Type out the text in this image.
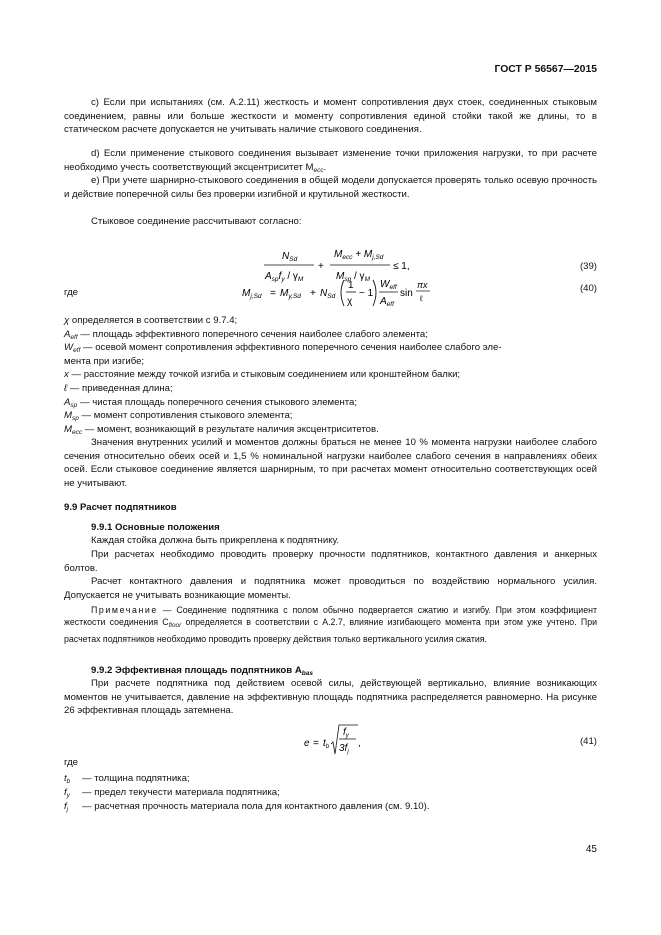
ГОСТ Р 56567—2015

c) Если при испытаниях (см. А.2.11) жесткость и момент сопротивления двух стоек, соединенных стыковым соединением, равны или больше жесткости и моменту сопротивления единой стойки такой же длины, то в статическом расчете допускается не учитывать наличие стыкового соединения.

d) Если применение стыкового соединения вызывает изменение точки приложения нагрузки, то при расчете необходимо учесть соответствующий эксцентриситет $M_{ecc}$.

е) При учете шарнирно-стыкового соединения в общей модели допускается проверять только осевую прочность и действие поперечной силы без проверки изгибной и крутильной жесткости.

Стыковое соединение рассчитывают согласно:

$N_{Sd}$
$A_{sp}f_y / \gamma_M$
+
$M_{ecc} + M_{j,Sd}$
$M_{sp} / \gamma_M$
≤ 1,	(39)
где	$M_{j,Sd} = M_{y,Sd} + N_{Sd}$
1
χ
− 1
$W_{eff}$
$A_{eff}$
sin
πx
ℓ
(40)
χ определяется в соответствии с 9.7.4;
$A_{eff}$ — площадь эффективного поперечного сечения наиболее слабого элемента;
$W_{eff}$ — осевой момент сопротивления эффективного поперечного сечения наиболее слабого эле-
мента при изгибе;
x — расстояние между точкой изгиба и стыковым соединением или кронштейном балки;
ℓ — приведенная длина;
$A_{sp}$ — чистая площадь поперечного сечения стыкового элемента;
$M_{sp}$ — момент сопротивления стыкового элемента;
$M_{ecc}$ — момент, возникающий в результате наличия эксцентриситетов.

Значения внутренних усилий и моментов должны браться не менее 10 % момента нагрузки наиболее слабого сечения относительно обеих осей и 1,5 % номинальной нагрузки наиболее слабого сечения в направлениях обеих осей. Если стыковое соединение является шарнирным, то при расчетах момент относительно соответствующих осей не учитывают.

9.9 Расчет подпятников
9.9.1 Основные положения

Каждая стойка должна быть прикреплена к подпятнику.

При расчетах необходимо проводить проверку прочности подпятников, контактного давления и анкерных болтов.

Расчет контактного давления и подпятника может проводиться по воздействию нормального усилия. Допускается не учитывать возникающие моменты.

Примечание — Соединение подпятника с полом обычно подвергается сжатию и изгибу. При этом коэффициент жесткости соединения $C_{floor}$ определяется в соответствии с А.2.7, влияние изгибающего момента при этом уже учтено. При расчетах подпятников необходимо проводить проверку действия только вертикального усилия сжатия.

9.9.2 Эффективная площадь подпятников $A_{bas}$

При расчете подпятника под действием осевой силы, действующей вертикально, влияние возникающих моментов не учитывается, давление на эффективную площадь подпятника распределяется равномерно. На рисунке 26 эффективная площадь затемнена.

$e = t_b$
$f_y$
$3f_j$
,	(41)
где
$t_b$ — толщина подпятника;
$f_y$ — предел текучести материала подпятника;
$f_j$ — расчетная прочность материала пола для контактного давления (см. 9.10).
45
